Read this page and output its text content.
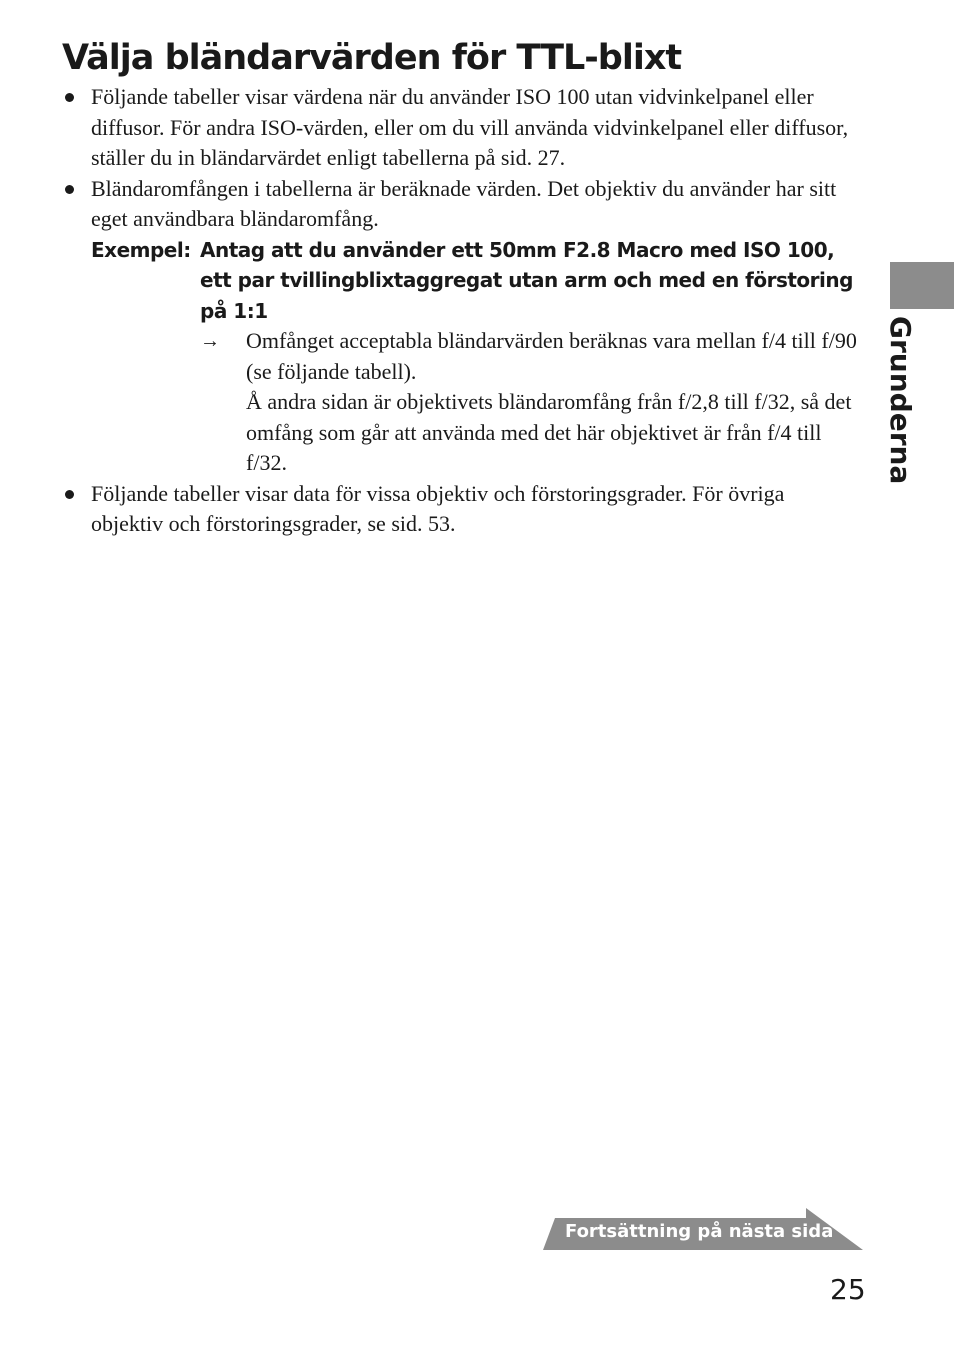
Välja bländarvärden för TTL-blixt
Följande tabeller visar värdena när du använder ISO 100 utan vidvinkelpanel eller diffusor. För andra ISO-värden, eller om du vill använda vidvinkelpanel eller diffusor, ställer du in bländarvärdet enligt tabellerna på sid. 27.
Bländaromfången i tabellerna är beräknade värden. Det objektiv du använder har sitt eget användbara bländaromfång.
Exempel: Antag att du använder ett 50mm F2.8 Macro med ISO 100, ett par tvillingblixtaggregat utan arm och med en förstoring på 1:1
→ Omfånget acceptabla bländarvärden beräknas vara mellan f/4 till f/90 (se följande tabell).
Å andra sidan är objektivets bländaromfång från f/2,8 till f/32, så det omfång som går att använda med det här objektivet är från f/4 till f/32.
Följande tabeller visar data för vissa objektiv och förstoringsgrader. För övriga objektiv och förstoringsgrader, se sid. 53.
Grunderna
Fortsättning på nästa sida
25
